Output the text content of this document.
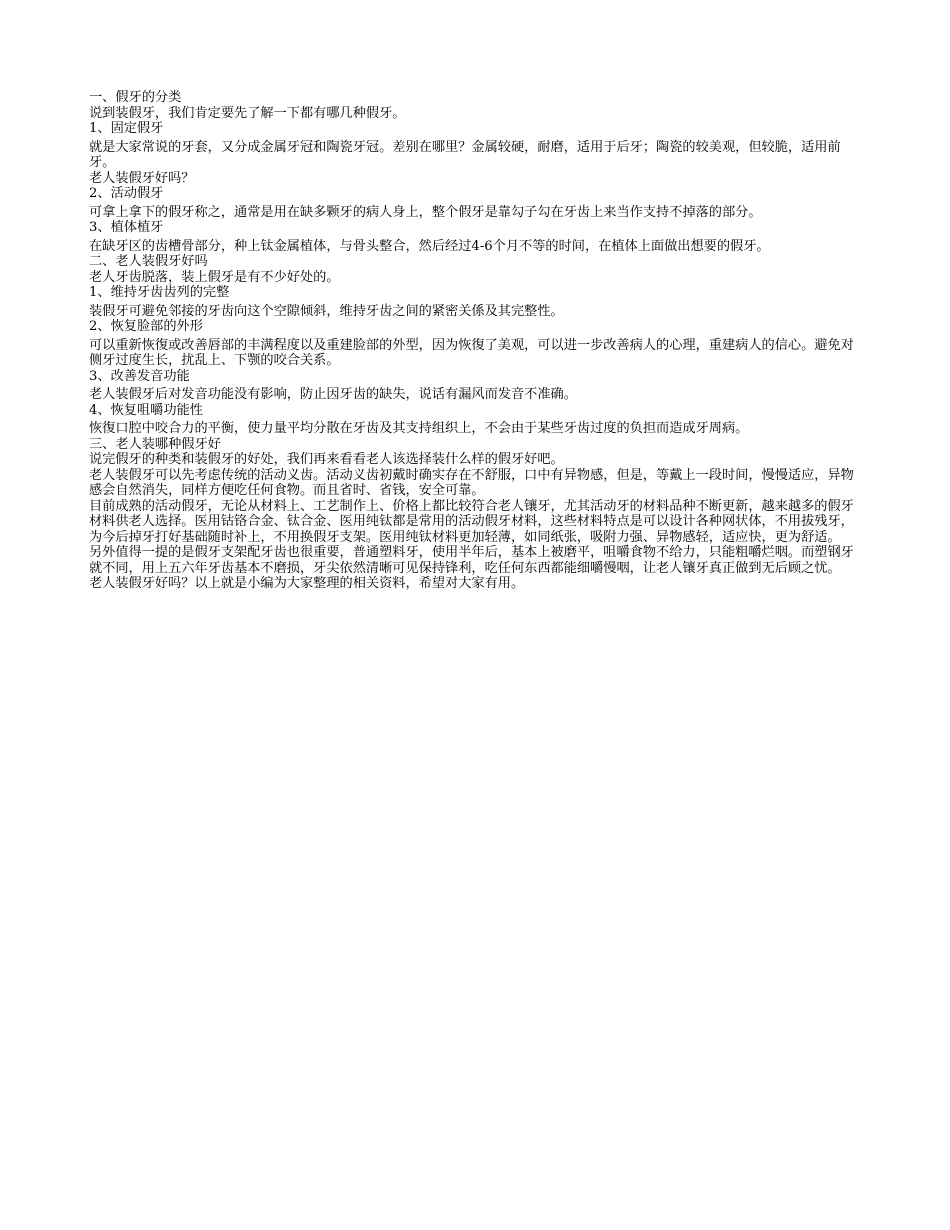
一、假牙的分类

说到装假牙，我们肯定要先了解一下都有哪几种假牙。

1、固定假牙

就是大家常说的牙套，又分成金属牙冠和陶瓷牙冠。差别在哪里？金属较硬，耐磨，适用于后牙；陶瓷的较美观，但较脆，适用前牙。

老人装假牙好吗？

2、活动假牙

可拿上拿下的假牙称之，通常是用在缺多颗牙的病人身上，整个假牙是靠勾子勾在牙齿上来当作支持不掉落的部分。

3、植体植牙

在缺牙区的齿槽骨部分，种上钛金属植体，与骨头整合，然后经过4-6个月不等的时间，在植体上面做出想要的假牙。

二、老人装假牙好吗

老人牙齿脱落，装上假牙是有不少好处的。

1、维持牙齿齿列的完整

装假牙可避免邻接的牙齿向这个空隙倾斜，维持牙齿之间的紧密关係及其完整性。

2、恢复脸部的外形

可以重新恢復或改善唇部的丰满程度以及重建脸部的外型，因为恢復了美观，可以进一步改善病人的心理，重建病人的信心。避免对侧牙过度生长，扰乱上、下颚的咬合关系。

3、改善发音功能

老人装假牙后对发音功能没有影响，防止因牙齿的缺失，说话有漏风而发音不准确。

4、恢复咀嚼功能性

恢復口腔中咬合力的平衡，使力量平均分散在牙齿及其支持组织上，不会由于某些牙齿过度的负担而造成牙周病。

三、老人装哪种假牙好

说完假牙的种类和装假牙的好处，我们再来看看老人该选择装什么样的假牙好吧。

老人装假牙可以先考虑传统的活动义齿。活动义齿初戴时确实存在不舒服，口中有异物感，但是，等戴上一段时间，慢慢适应，异物感会自然消失，同样方便吃任何食物。而且省时、省钱，安全可靠。

目前成熟的活动假牙，无论从材料上、工艺制作上、价格上都比较符合老人镶牙，尤其活动牙的材料品种不断更新，越来越多的假牙材料供老人选择。医用钴铬合金、钛合金、医用纯钛都是常用的活动假牙材料，这些材料特点是可以设计各种网状体，不用拔残牙，为今后掉牙打好基础随时补上，不用换假牙支架。医用纯钛材料更加轻薄，如同纸张，吸附力强、异物感轻，适应快，更为舒适。

另外值得一提的是假牙支架配牙齿也很重要，普通塑料牙，使用半年后，基本上被磨平，咀嚼食物不给力，只能粗嚼烂咽。而塑钢牙就不同，用上五六年牙齿基本不磨损，牙尖依然清晰可见保持锋利，吃任何东西都能细嚼慢咽，让老人镶牙真正做到无后顾之忧。

老人装假牙好吗？以上就是小编为大家整理的相关资料，希望对大家有用。
